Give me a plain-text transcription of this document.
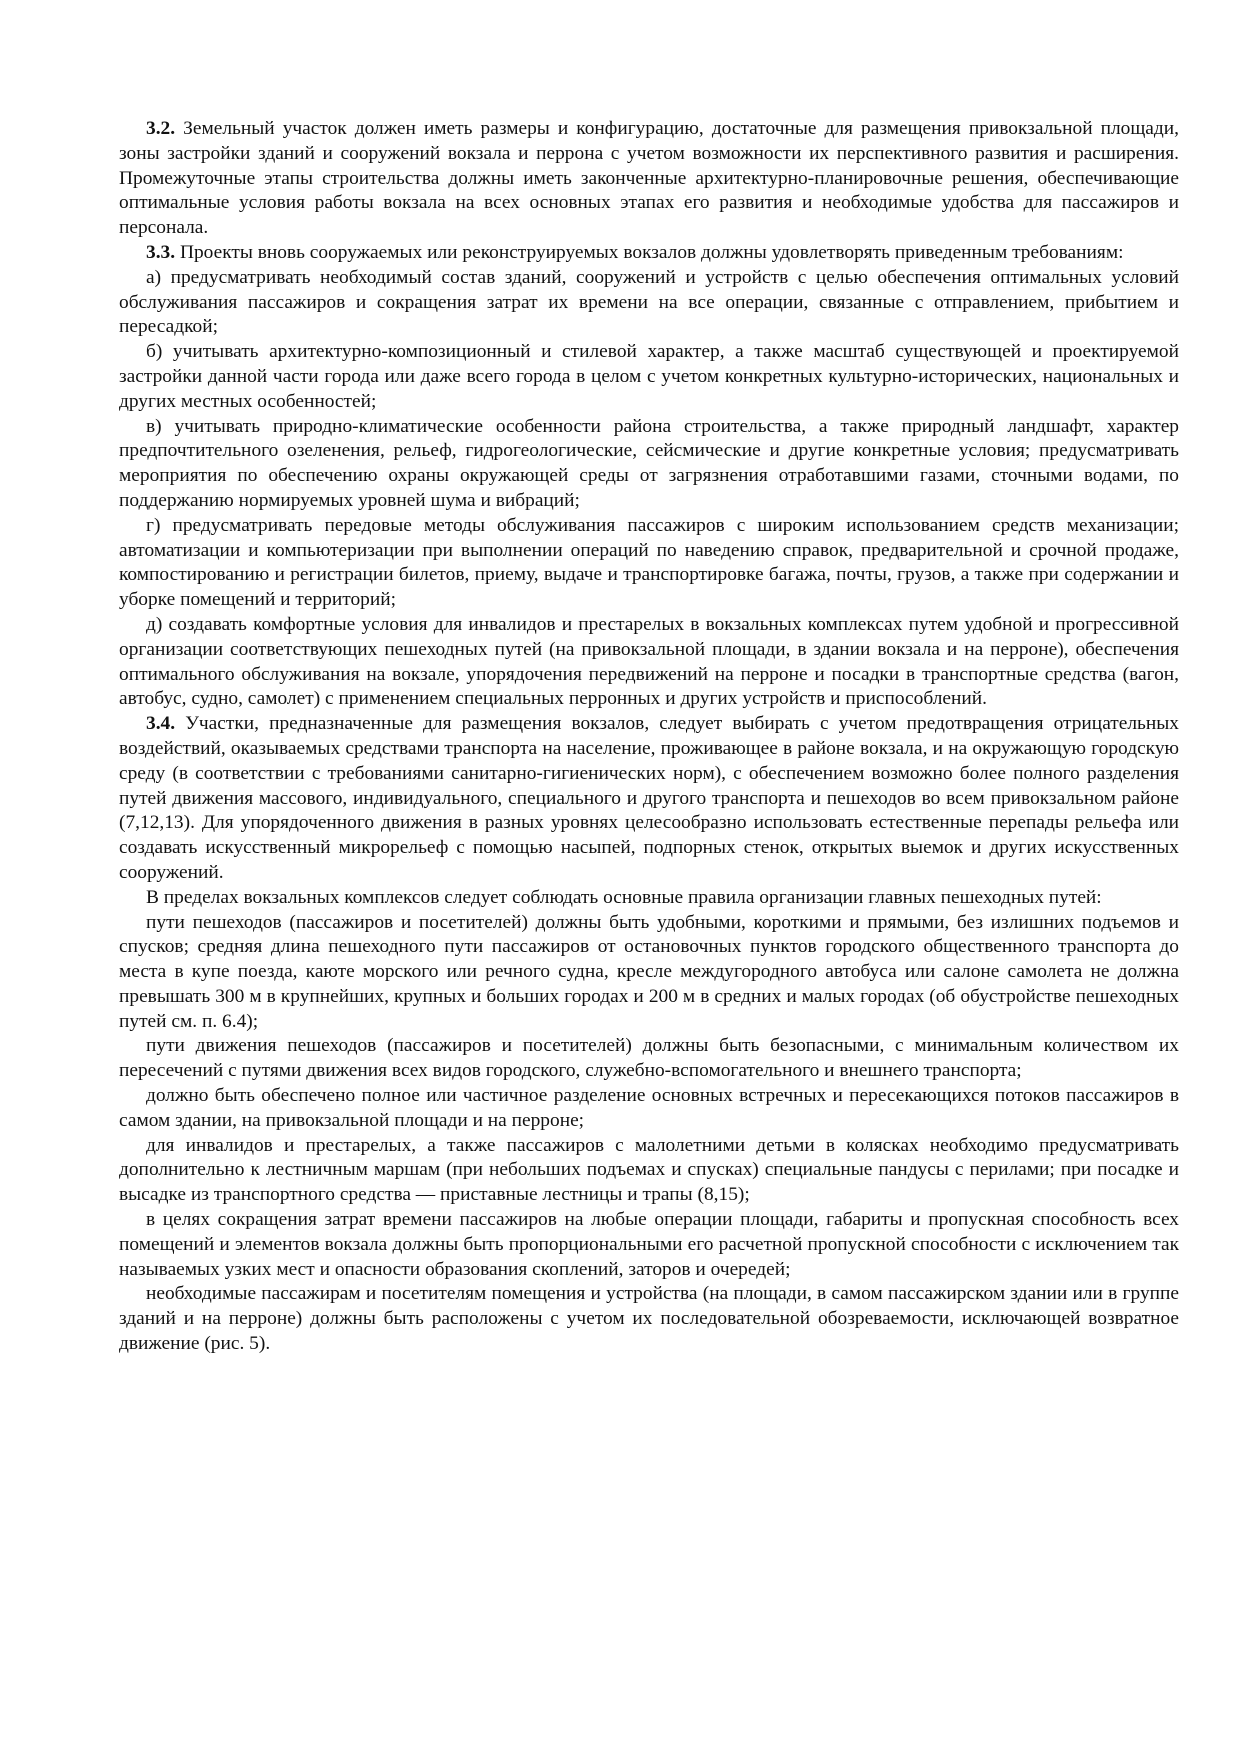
3.2. Земельный участок должен иметь размеры и конфигурацию, достаточные для размещения привокзальной площади, зоны застройки зданий и сооружений вокзала и перрона с учетом возможности их перспективного развития и расширения. Промежуточные этапы строительства должны иметь законченные архитектурно-планировочные решения, обеспечивающие оптимальные условия работы вокзала на всех основных этапах его развития и необходимые удобства для пассажиров и персонала.

3.3. Проекты вновь сооружаемых или реконструируемых вокзалов должны удовлетворять приведенным требованиям:

а) предусматривать необходимый состав зданий, сооружений и устройств с целью обеспечения оптимальных условий обслуживания пассажиров и сокращения затрат их времени на все операции, связанные с отправлением, прибытием и пересадкой;

б) учитывать архитектурно-композиционный и стилевой характер, а также масштаб существующей и проектируемой застройки данной части города или даже всего города в целом с учетом конкретных культурно-исторических, национальных и других местных особенностей;

в) учитывать природно-климатические особенности района строительства, а также природный ландшафт, характер предпочтительного озеленения, рельеф, гидрогеологические, сейсмические и другие конкретные условия; предусматривать мероприятия по обеспечению охраны окружающей среды от загрязнения отработавшими газами, сточными водами, по поддержанию нормируемых уровней шума и вибраций;

г) предусматривать передовые методы обслуживания пассажиров с широким использованием средств механизации; автоматизации и компьютеризации при выполнении операций по наведению справок, предварительной и срочной продаже, компостированию и регистрации билетов, приему, выдаче и транспортировке багажа, почты, грузов, а также при содержании и уборке помещений и территорий;

д) создавать комфортные условия для инвалидов и престарелых в вокзальных комплексах путем удобной и прогрессивной организации соответствующих пешеходных путей (на привокзальной площади, в здании вокзала и на перроне), обеспечения оптимального обслуживания на вокзале, упорядочения передвижений на перроне и посадки в транспортные средства (вагон, автобус, судно, самолет) с применением специальных перронных и других устройств и приспособлений.

3.4. Участки, предназначенные для размещения вокзалов, следует выбирать с учетом предотвращения отрицательных воздействий, оказываемых средствами транспорта на население, проживающее в районе вокзала, и на окружающую городскую среду (в соответствии с требованиями санитарно-гигиенических норм), с обеспечением возможно более полного разделения путей движения массового, индивидуального, специального и другого транспорта и пешеходов во всем привокзальном районе (7,12,13). Для упорядоченного движения в разных уровнях целесообразно использовать естественные перепады рельефа или создавать искусственный микрорельеф с помощью насыпей, подпорных стенок, открытых выемок и других искусственных сооружений.

В пределах вокзальных комплексов следует соблюдать основные правила организации главных пешеходных путей:

пути пешеходов (пассажиров и посетителей) должны быть удобными, короткими и прямыми, без излишних подъемов и спусков; средняя длина пешеходного пути пассажиров от остановочных пунктов городского общественного транспорта до места в купе поезда, каюте морского или речного судна, кресле междугородного автобуса или салоне самолета не должна превышать 300 м в крупнейших, крупных и больших городах и 200 м в средних и малых городах (об обустройстве пешеходных путей см. п. 6.4);

пути движения пешеходов (пассажиров и посетителей) должны быть безопасными, с минимальным количеством их пересечений с путями движения всех видов городского, служебно-вспомогательного и внешнего транспорта;

должно быть обеспечено полное или частичное разделение основных встречных и пересекающихся потоков пассажиров в самом здании, на привокзальной площади и на перроне;

для инвалидов и престарелых, а также пассажиров с малолетними детьми в колясках необходимо предусматривать дополнительно к лестничным маршам (при небольших подъемах и спусках) специальные пандусы с перилами; при посадке и высадке из транспортного средства — приставные лестницы и трапы (8,15);

в целях сокращения затрат времени пассажиров на любые операции площади, габариты и пропускная способность всех помещений и элементов вокзала должны быть пропорциональными его расчетной пропускной способности с исключением так называемых узких мест и опасности образования скоплений, заторов и очередей;

необходимые пассажирам и посетителям помещения и устройства (на площади, в самом пассажирском здании или в группе зданий и на перроне) должны быть расположены с учетом их последовательной обозреваемости, исключающей возвратное движение (рис. 5).
